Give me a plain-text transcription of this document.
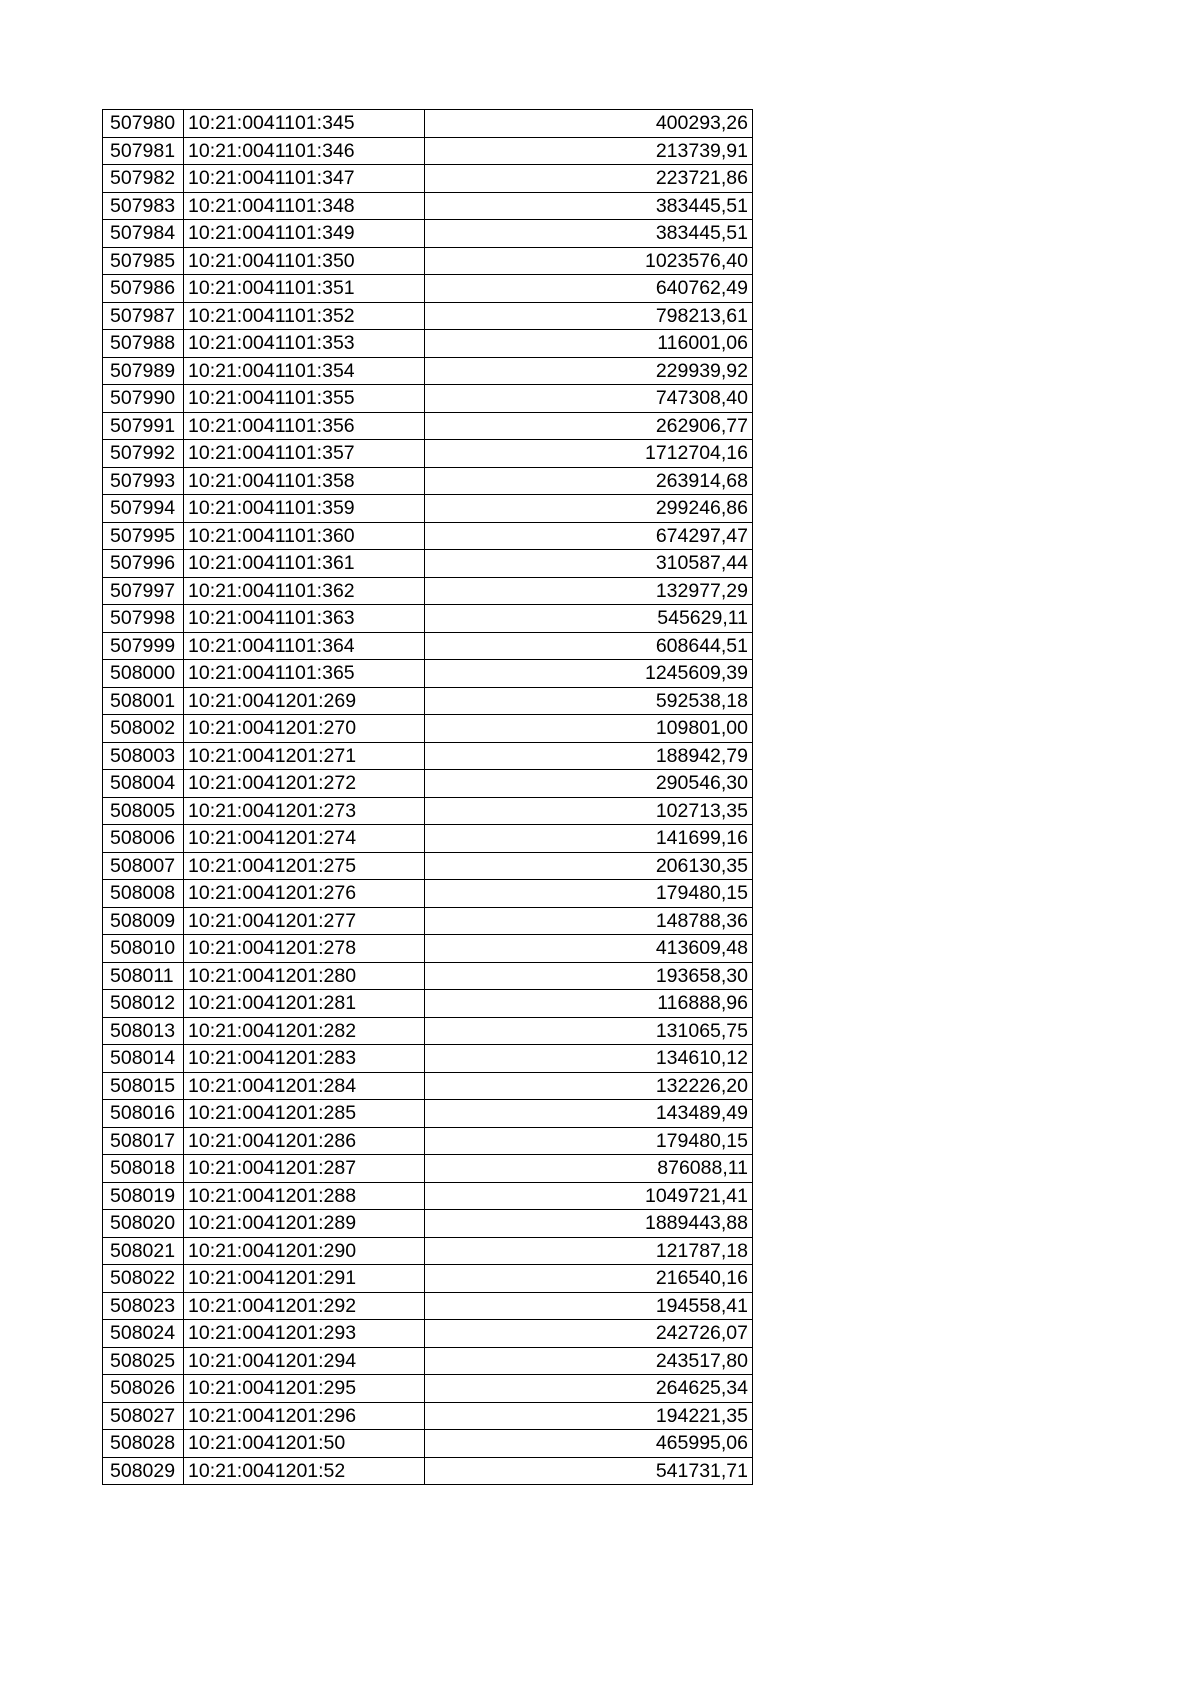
507980	10:21:0041101:345	400293,26
507981	10:21:0041101:346	213739,91
507982	10:21:0041101:347	223721,86
507983	10:21:0041101:348	383445,51
507984	10:21:0041101:349	383445,51
507985	10:21:0041101:350	1023576,40
507986	10:21:0041101:351	640762,49
507987	10:21:0041101:352	798213,61
507988	10:21:0041101:353	116001,06
507989	10:21:0041101:354	229939,92
507990	10:21:0041101:355	747308,40
507991	10:21:0041101:356	262906,77
507992	10:21:0041101:357	1712704,16
507993	10:21:0041101:358	263914,68
507994	10:21:0041101:359	299246,86
507995	10:21:0041101:360	674297,47
507996	10:21:0041101:361	310587,44
507997	10:21:0041101:362	132977,29
507998	10:21:0041101:363	545629,11
507999	10:21:0041101:364	608644,51
508000	10:21:0041101:365	1245609,39
508001	10:21:0041201:269	592538,18
508002	10:21:0041201:270	109801,00
508003	10:21:0041201:271	188942,79
508004	10:21:0041201:272	290546,30
508005	10:21:0041201:273	102713,35
508006	10:21:0041201:274	141699,16
508007	10:21:0041201:275	206130,35
508008	10:21:0041201:276	179480,15
508009	10:21:0041201:277	148788,36
508010	10:21:0041201:278	413609,48
508011	10:21:0041201:280	193658,30
508012	10:21:0041201:281	116888,96
508013	10:21:0041201:282	131065,75
508014	10:21:0041201:283	134610,12
508015	10:21:0041201:284	132226,20
508016	10:21:0041201:285	143489,49
508017	10:21:0041201:286	179480,15
508018	10:21:0041201:287	876088,11
508019	10:21:0041201:288	1049721,41
508020	10:21:0041201:289	1889443,88
508021	10:21:0041201:290	121787,18
508022	10:21:0041201:291	216540,16
508023	10:21:0041201:292	194558,41
508024	10:21:0041201:293	242726,07
508025	10:21:0041201:294	243517,80
508026	10:21:0041201:295	264625,34
508027	10:21:0041201:296	194221,35
508028	10:21:0041201:50	465995,06
508029	10:21:0041201:52	541731,71
